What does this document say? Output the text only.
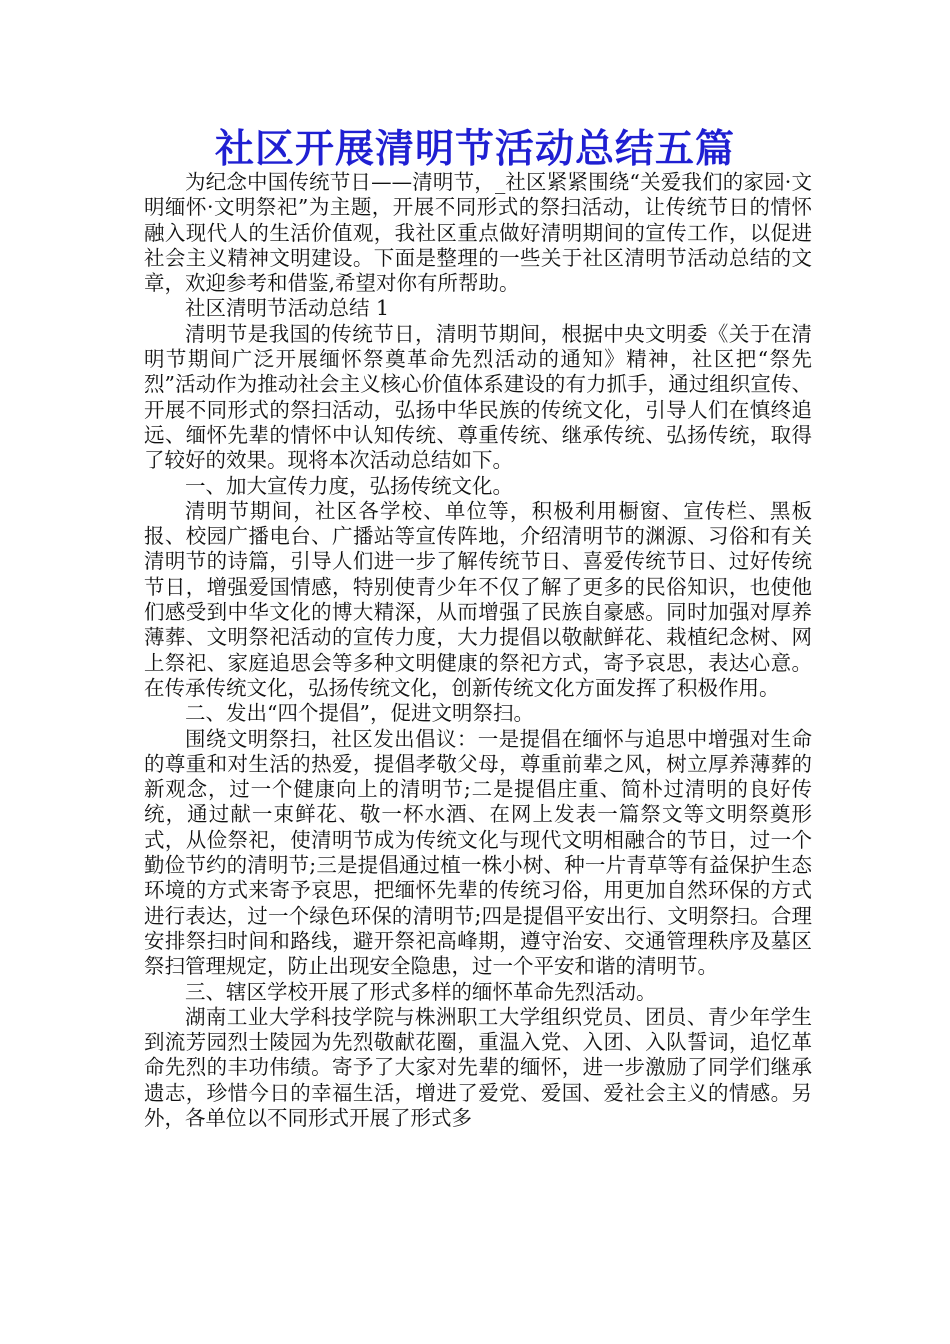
社区开展清明节活动总结五篇

为纪念中国传统节日——清明节，_社区紧紧围绕“关爱我们的家园·文明缅怀·文明祭祀”为主题，开展不同形式的祭扫活动，让传统节日的情怀融入现代人的生活价值观，我社区重点做好清明期间的宣传工作，以促进社会主义精神文明建设。下面是整理的一些关于社区清明节活动总结的文章，欢迎参考和借鉴,希望对你有所帮助。

社区清明节活动总结 1

清明节是我国的传统节日，清明节期间，根据中央文明委《关于在清明节期间广泛开展缅怀祭奠革命先烈活动的通知》精神，社区把“祭先烈”活动作为推动社会主义核心价值体系建设的有力抓手，通过组织宣传、开展不同形式的祭扫活动，弘扬中华民族的传统文化，引导人们在慎终追远、缅怀先辈的情怀中认知传统、尊重传统、继承传统、弘扬传统，取得了较好的效果。现将本次活动总结如下。

一、加大宣传力度，弘扬传统文化。

清明节期间，社区各学校、单位等，积极利用橱窗、宣传栏、黑板报、校园广播电台、广播站等宣传阵地，介绍清明节的渊源、习俗和有关清明节的诗篇，引导人们进一步了解传统节日、喜爱传统节日、过好传统节日，增强爱国情感，特别使青少年不仅了解了更多的民俗知识，也使他们感受到中华文化的博大精深，从而增强了民族自豪感。同时加强对厚养薄葬、文明祭祀活动的宣传力度，大力提倡以敬献鲜花、栽植纪念树、网上祭祀、家庭追思会等多种文明健康的祭祀方式，寄予哀思，表达心意。在传承传统文化，弘扬传统文化，创新传统文化方面发挥了积极作用。

二、发出“四个提倡”，促进文明祭扫。

围绕文明祭扫，社区发出倡议：一是提倡在缅怀与追思中增强对生命的尊重和对生活的热爱，提倡孝敬父母，尊重前辈之风，树立厚养薄葬的新观念，过一个健康向上的清明节;二是提倡庄重、简朴过清明的良好传统，通过献一束鲜花、敬一杯水酒、在网上发表一篇祭文等文明祭奠形式，从俭祭祀，使清明节成为传统文化与现代文明相融合的节日，过一个勤俭节约的清明节;三是提倡通过植一株小树、种一片青草等有益保护生态环境的方式来寄予哀思，把缅怀先辈的传统习俗，用更加自然环保的方式进行表达，过一个绿色环保的清明节;四是提倡平安出行、文明祭扫。合理安排祭扫时间和路线，避开祭祀高峰期，遵守治安、交通管理秩序及墓区祭扫管理规定，防止出现安全隐患，过一个平安和谐的清明节。

三、辖区学校开展了形式多样的缅怀革命先烈活动。

湖南工业大学科技学院与株洲职工大学组织党员、团员、青少年学生到流芳园烈士陵园为先烈敬献花圈，重温入党、入团、入队誓词，追忆革命先烈的丰功伟绩。寄予了大家对先辈的缅怀，进一步激励了同学们继承遗志，珍惜今日的幸福生活，增进了爱党、爱国、爱社会主义的情感。另外，各单位以不同形式开展了形式多
